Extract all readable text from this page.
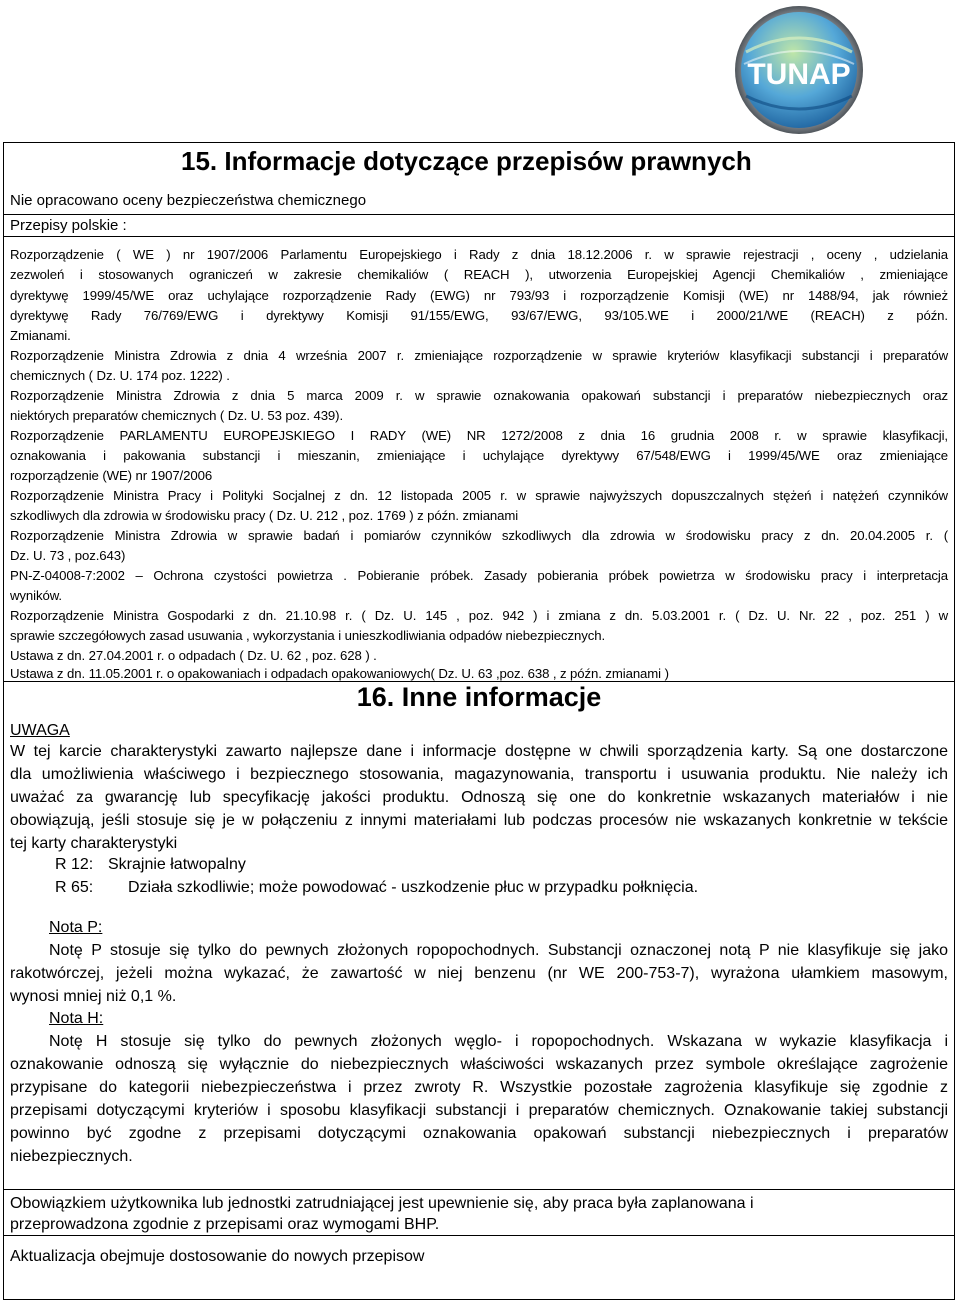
TUNAP
15. Informacje dotyczące przepisów prawnych
Nie opracowano oceny bezpieczeństwa chemicznego
Przepisy polskie :
Rozporządzenie ( WE ) nr 1907/2006 Parlamentu Europejskiego i Rady z dnia 18.12.2006 r. w sprawie rejestracji , oceny , udzielania
zezwoleń i stosowanych ograniczeń w zakresie chemikaliów ( REACH ), utworzenia Europejskiej Agencji Chemikaliów , zmieniające
dyrektywę 1999/45/WE oraz uchylające rozporządzenie Rady (EWG) nr 793/93 i rozporządzenie Komisji (WE) nr 1488/94, jak również
dyrektywę Rady 76/769/EWG i dyrektywy Komisji 91/155/EWG, 93/67/EWG, 93/105.WE i 2000/21/WE (REACH) z późn.
Zmianami.
Rozporządzenie Ministra Zdrowia z dnia 4 września 2007 r. zmieniające rozporządzenie w sprawie kryteriów klasyfikacji substancji i preparatów
chemicznych ( Dz. U. 174 poz. 1222) .
Rozporządzenie Ministra Zdrowia z dnia 5 marca 2009 r. w sprawie oznakowania opakowań substancji i preparatów niebezpiecznych oraz
niektórych preparatów chemicznych ( Dz. U. 53 poz. 439).
Rozporządzenie PARLAMENTU EUROPEJSKIEGO I RADY (WE) NR 1272/2008 z dnia 16 grudnia 2008 r. w sprawie klasyfikacji,
oznakowania i pakowania substancji i mieszanin, zmieniające i uchylające dyrektywy 67/548/EWG i 1999/45/WE oraz zmieniające
rozporządzenie (WE) nr 1907/2006
Rozporządzenie Ministra Pracy i Polityki Socjalnej z dn. 12 listopada 2005 r. w sprawie najwyższych dopuszczalnych stężeń i natężeń czynników
szkodliwych dla zdrowia w środowisku pracy ( Dz. U. 212 , poz. 1769 ) z późn. zmianami
Rozporządzenie Ministra Zdrowia w sprawie badań i pomiarów czynników szkodliwych dla zdrowia w środowisku pracy z dn. 20.04.2005 r. (
Dz. U. 73 , poz.643)
PN-Z-04008-7:2002 – Ochrona czystości powietrza . Pobieranie próbek. Zasady pobierania próbek powietrza w środowisku pracy i interpretacja
wyników.
Rozporządzenie Ministra Gospodarki z dn. 21.10.98 r. ( Dz. U. 145 , poz. 942 ) i zmiana z dn. 5.03.2001 r. ( Dz. U. Nr. 22 , poz. 251 ) w
sprawie szczegółowych zasad usuwania , wykorzystania i unieszkodliwiania odpadów niebezpiecznych.
Ustawa z dn. 27.04.2001 r. o odpadach ( Dz. U. 62 , poz. 628 ) .
Ustawa z dn. 11.05.2001 r. o opakowaniach i odpadach opakowaniowych( Dz. U. 63 ,poz. 638 , z późn. zmianami )
16. Inne informacje
UWAGA
W tej karcie charakterystyki zawarto najlepsze dane i informacje dostępne w chwili sporządzenia karty. Są one dostarczone
dla umożliwienia właściwego i bezpiecznego stosowania, magazynowania, transportu i usuwania produktu. Nie należy ich
uważać za gwarancję lub specyfikację jakości produktu. Odnoszą się one do konkretnie wskazanych materiałów i nie
obowiązują, jeśli stosuje się je w połączeniu z innymi materiałami lub podczas procesów nie wskazanych konkretnie w tekście
tej karty charakterystyki
R 12: Skrajnie łatwopalny
R 65: Działa szkodliwie; może powodować - uszkodzenie płuc w przypadku połknięcia.
Nota P:
Notę P stosuje się tylko do pewnych złożonych ropopochodnych. Substancji oznaczonej notą P nie klasyfikuje się jako
rakotwórczej, jeżeli można wykazać, że zawartość w niej benzenu (nr WE 200-753-7), wyrażona ułamkiem masowym,
wynosi mniej niż 0,1 %.
Nota H:
Notę H stosuje się tylko do pewnych złożonych węglo- i ropopochodnych. Wskazana w wykazie klasyfikacja i
oznakowanie odnoszą się wyłącznie do niebezpiecznych właściwości wskazanych przez symbole określające zagrożenie
przypisane do kategorii niebezpieczeństwa i przez zwroty R. Wszystkie pozostałe zagrożenia klasyfikuje się zgodnie z
przepisami dotyczącymi kryteriów i sposobu klasyfikacji substancji i preparatów chemicznych. Oznakowanie takiej substancji
powinno być zgodne z przepisami dotyczącymi oznakowania opakowań substancji niebezpiecznych i preparatów
niebezpiecznych.
Obowiązkiem użytkownika lub jednostki zatrudniającej jest upewnienie się, aby praca była zaplanowana i
przeprowadzona zgodnie z przepisami oraz wymogami BHP.
Aktualizacja obejmuje dostosowanie do nowych przepisow
